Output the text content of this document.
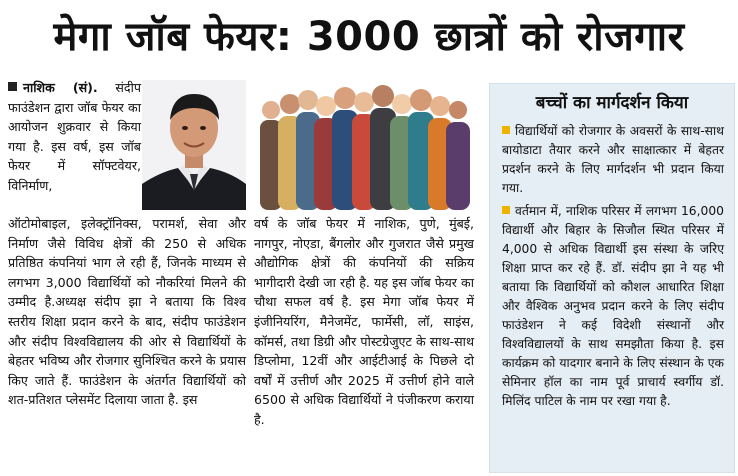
मेगा जॉब फेयर: 3000 छात्रों को रोजगार
नाशिक (सं). संदीप फाउंडेशन द्वारा जॉब फेयर का आयोजन शुक्रवार से किया गया है. इस वर्ष, इस जॉब फेयर में सॉफ्टवेयर, विनिर्माण,
ऑटोमोबाइल, इलेक्ट्रॉनिक्स, परामर्श, सेवा और निर्माण जैसे विविध क्षेत्रों की 250 से अधिक प्रतिष्ठित कंपनियां भाग ले रही हैं, जिनके माध्यम से लगभग 3,000 विद्यार्थियों को नौकरियां मिलने की उम्मीद है.अध्यक्ष संदीप झा ने बताया कि विश्व स्तरीय शिक्षा प्रदान करने के बाद, संदीप फाउंडेशन और संदीप विश्वविद्यालय की ओर से विद्यार्थियों के बेहतर भविष्य और रोजगार सुनिश्चित करने के प्रयास किए जाते हैं. फाउंडेशन के अंतर्गत विद्यार्थियों को शत-प्रतिशत प्लेसमेंट दिलाया जाता है. इस
वर्ष के जॉब फेयर में नाशिक, पुणे, मुंबई, नागपुर, नोएडा, बैंगलोर और गुजरात जैसे प्रमुख औद्योगिक क्षेत्रों की कंपनियों की सक्रिय भागीदारी देखी जा रही है. यह इस जॉब फेयर का चौथा सफल वर्ष है. इस मेगा जॉब फेयर में इंजीनियरिंग, मैनेजमेंट, फार्मेसी, लॉ, साइंस, कॉमर्स, तथा डिग्री और पोस्टग्रेजुएट के साथ-साथ डिप्लोमा, 12वीं और आईटीआई के पिछले दो वर्षों में उत्तीर्ण और 2025 में उत्तीर्ण होने वाले 6500 से अधिक विद्यार्थियों ने पंजीकरण कराया है.
बच्चों का मार्गदर्शन किया
विद्यार्थियों को रोजगार के अवसरों के साथ-साथ बायोडाटा तैयार करने और साक्षात्कार में बेहतर प्रदर्शन करने के लिए मार्गदर्शन भी प्रदान किया गया.
वर्तमान में, नाशिक परिसर में लगभग 16,000 विद्यार्थी और बिहार के सिजौल स्थित परिसर में 4,000 से अधिक विद्यार्थी इस संस्था के जरिए शिक्षा प्राप्त कर रहे हैं. डॉ. संदीप झा ने यह भी बताया कि विद्यार्थियों को कौशल आधारित शिक्षा और वैश्विक अनुभव प्रदान करने के लिए संदीप फाउंडेशन ने कई विदेशी संस्थानों और विश्वविद्यालयों के साथ समझौता किया है. इस कार्यक्रम को यादगार बनाने के लिए संस्थान के एक सेमिनार हॉल का नाम पूर्व प्राचार्य स्वर्गीय डॉ. मिलिंद पाटिल के नाम पर रखा गया है.
